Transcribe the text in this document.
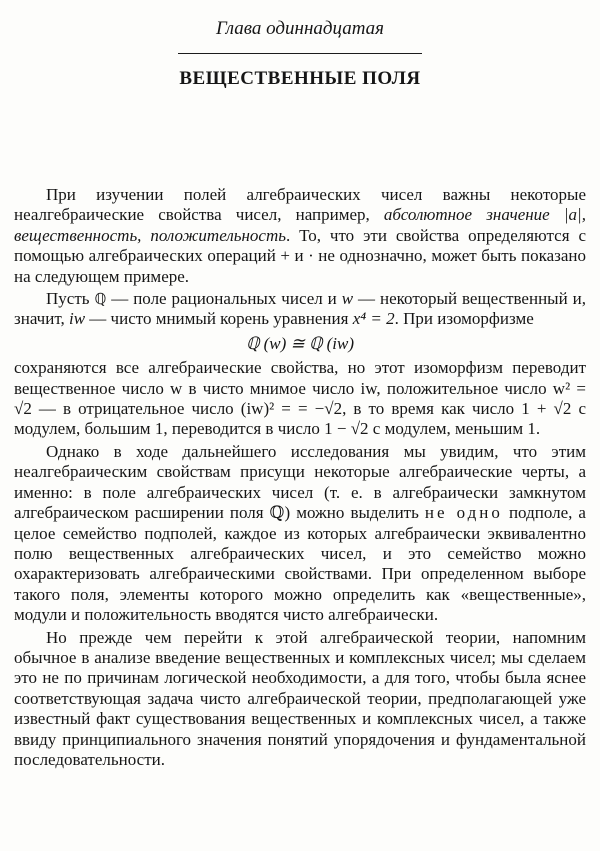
Глава одиннадцатая
ВЕЩЕСТВЕННЫЕ ПОЛЯ

При изучении полей алгебраических чисел важны некоторые неалгебраические свойства чисел, например, абсолютное значение |a|, вещественность, положительность. То, что эти свойства определяются с помощью алгебраических операций + и · не однозначно, может быть показано на следующем примере.

Пусть ℚ — поле рациональных чисел и w — некоторый вещественный и, значит, iw — чисто мнимый корень уравнения x⁴ = 2. При изоморфизме

ℚ (w) ≅ ℚ (iw)

сохраняются все алгебраические свойства, но этот изоморфизм переводит вещественное число w в чисто мнимое число iw, положительное число w² = √2 — в отрицательное число (iw)² = = −√2, в то время как число 1 + √2 с модулем, большим 1, переводится в число 1 − √2 с модулем, меньшим 1.

Однако в ходе дальнейшего исследования мы увидим, что этим неалгебраическим свойствам присущи некоторые алгебраические черты, а именно: в поле алгебраических чисел (т. е. в алгебраически замкнутом алгебраическом расширении поля ℚ) можно выделить не одно подполе, а целое семейство подполей, каждое из которых алгебраически эквивалентно полю вещественных алгебраических чисел, и это семейство можно охарактеризовать алгебраическими свойствами. При определенном выборе такого поля, элементы которого можно определить как «вещественные», модули и положительность вводятся чисто алгебраически.

Но прежде чем перейти к этой алгебраической теории, напомним обычное в анализе введение вещественных и комплексных чисел; мы сделаем это не по причинам логической необходимости, а для того, чтобы была яснее соответствующая задача чисто алгебраической теории, предполагающей уже известный факт существования вещественных и комплексных чисел, а также ввиду принципиального значения понятий упорядочения и фундаментальной последовательности.
